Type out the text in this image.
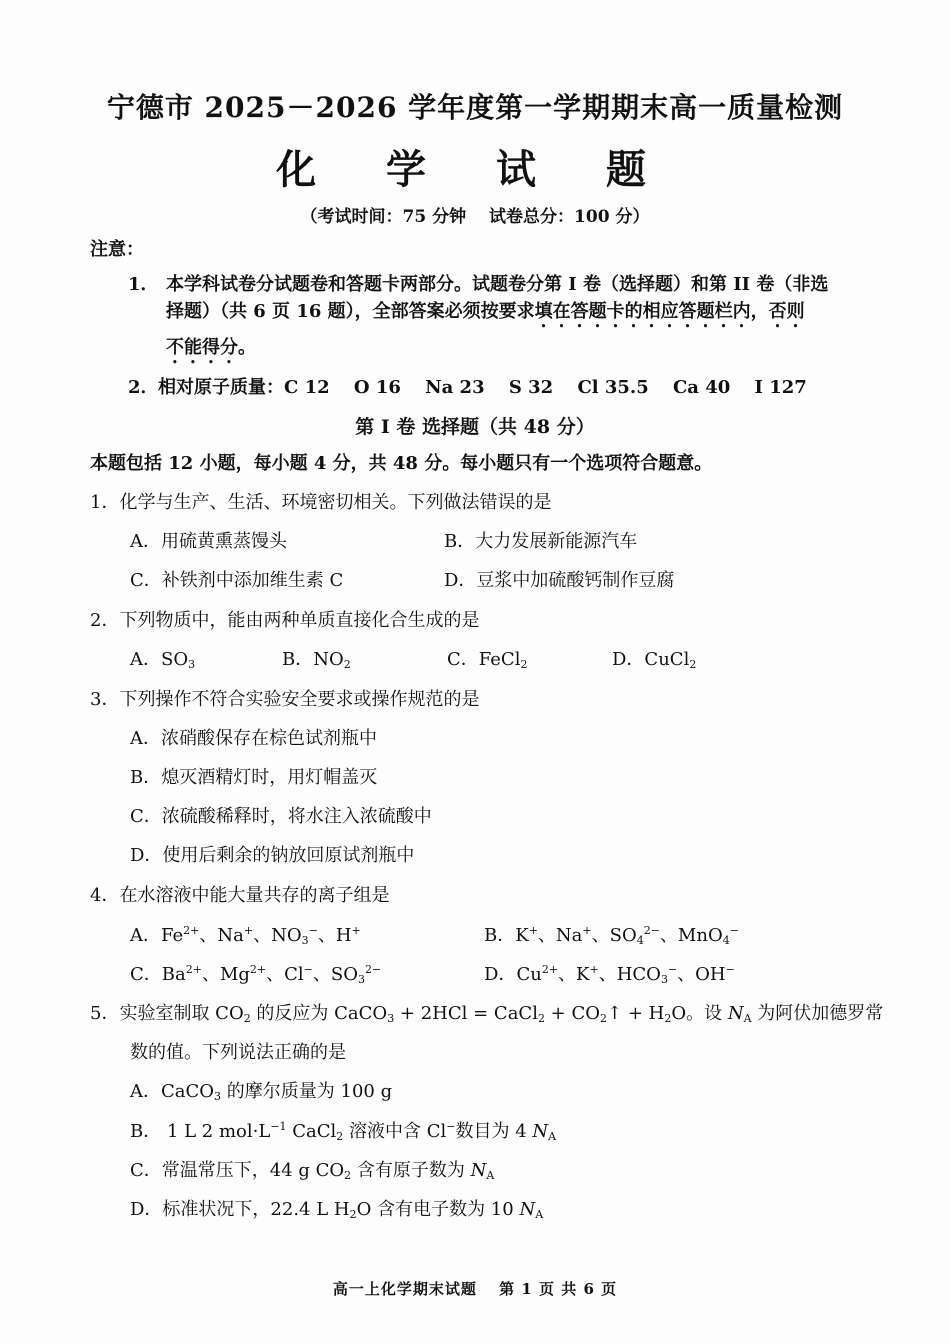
宁德市 2025－2026 学年度第一学期期末高一质量检测
化 学 试 题
（考试时间：75 分钟　 试卷总分：100 分）
注意：
1． 本学科试卷分试题卷和答题卡两部分。试题卷分第 I 卷（选择题）和第 II 卷（非选
择题）（共 6 页 16 题），全部答案必须按要求填在答题卡的相应答题栏内，否则
不能得分。
2． 相对原子质量：C 12　 O 16　 Na 23　 S 32　 Cl 35.5　 Ca 40　 I 127
第 I 卷 选择题（共 48 分）
本题包括 12 小题，每小题 4 分，共 48 分。每小题只有一个选项符合题意。
1．化学与生产、生活、环境密切相关。下列做法错误的是
A．用硫黄熏蒸馒头	B．大力发展新能源汽车
C．补铁剂中添加维生素 C	D．豆浆中加硫酸钙制作豆腐
2．下列物质中，能由两种单质直接化合生成的是
A．$SO_3$	B．$NO_2$	C．FeCl$_2$	D．CuCl$_2$
3．下列操作不符合实验安全要求或操作规范的是
A．浓硝酸保存在棕色试剂瓶中
B．熄灭酒精灯时，用灯帽盖灭
C．浓硫酸稀释时，将水注入浓硫酸中
D．使用后剩余的钠放回原试剂瓶中
4．在水溶液中能大量共存的离子组是
A．$Fe^{2+}$、Na+、$NO_3^-$、H+	B．K+、Na+、$SO_4^{2-}$、MnO$_4$−
C．$Ba^{2+}$、$Mg^{2+}$、Cl−、$SO_3^{2-}$	D．$Cu^{2+}$、K+、$HCO_3^-$、OH−
5．实验室制取 $CO_2$ 的反应为 CaCO$_3$ + 2HCl = CaCl$_2$ + $CO_2↑ + H_2O$。设 $N_A$ 为阿伏加德罗常
数的值。下列说法正确的是
A．CaCO$_3$ 的摩尔质量为 100 g
B． 1 L 2 $mol\cdot L^{-1}$ CaCl$_2$ 溶液中含 Cl−数目为 4 $N_A$
C．常温常压下，44 g $CO_2$ 含有原子数为 $N_A$
D．标准状况下，22.4 L $H_2O$ 含有电子数为 10 $N_A$
高一上化学期末试题　 第 1 页 共 6 页
